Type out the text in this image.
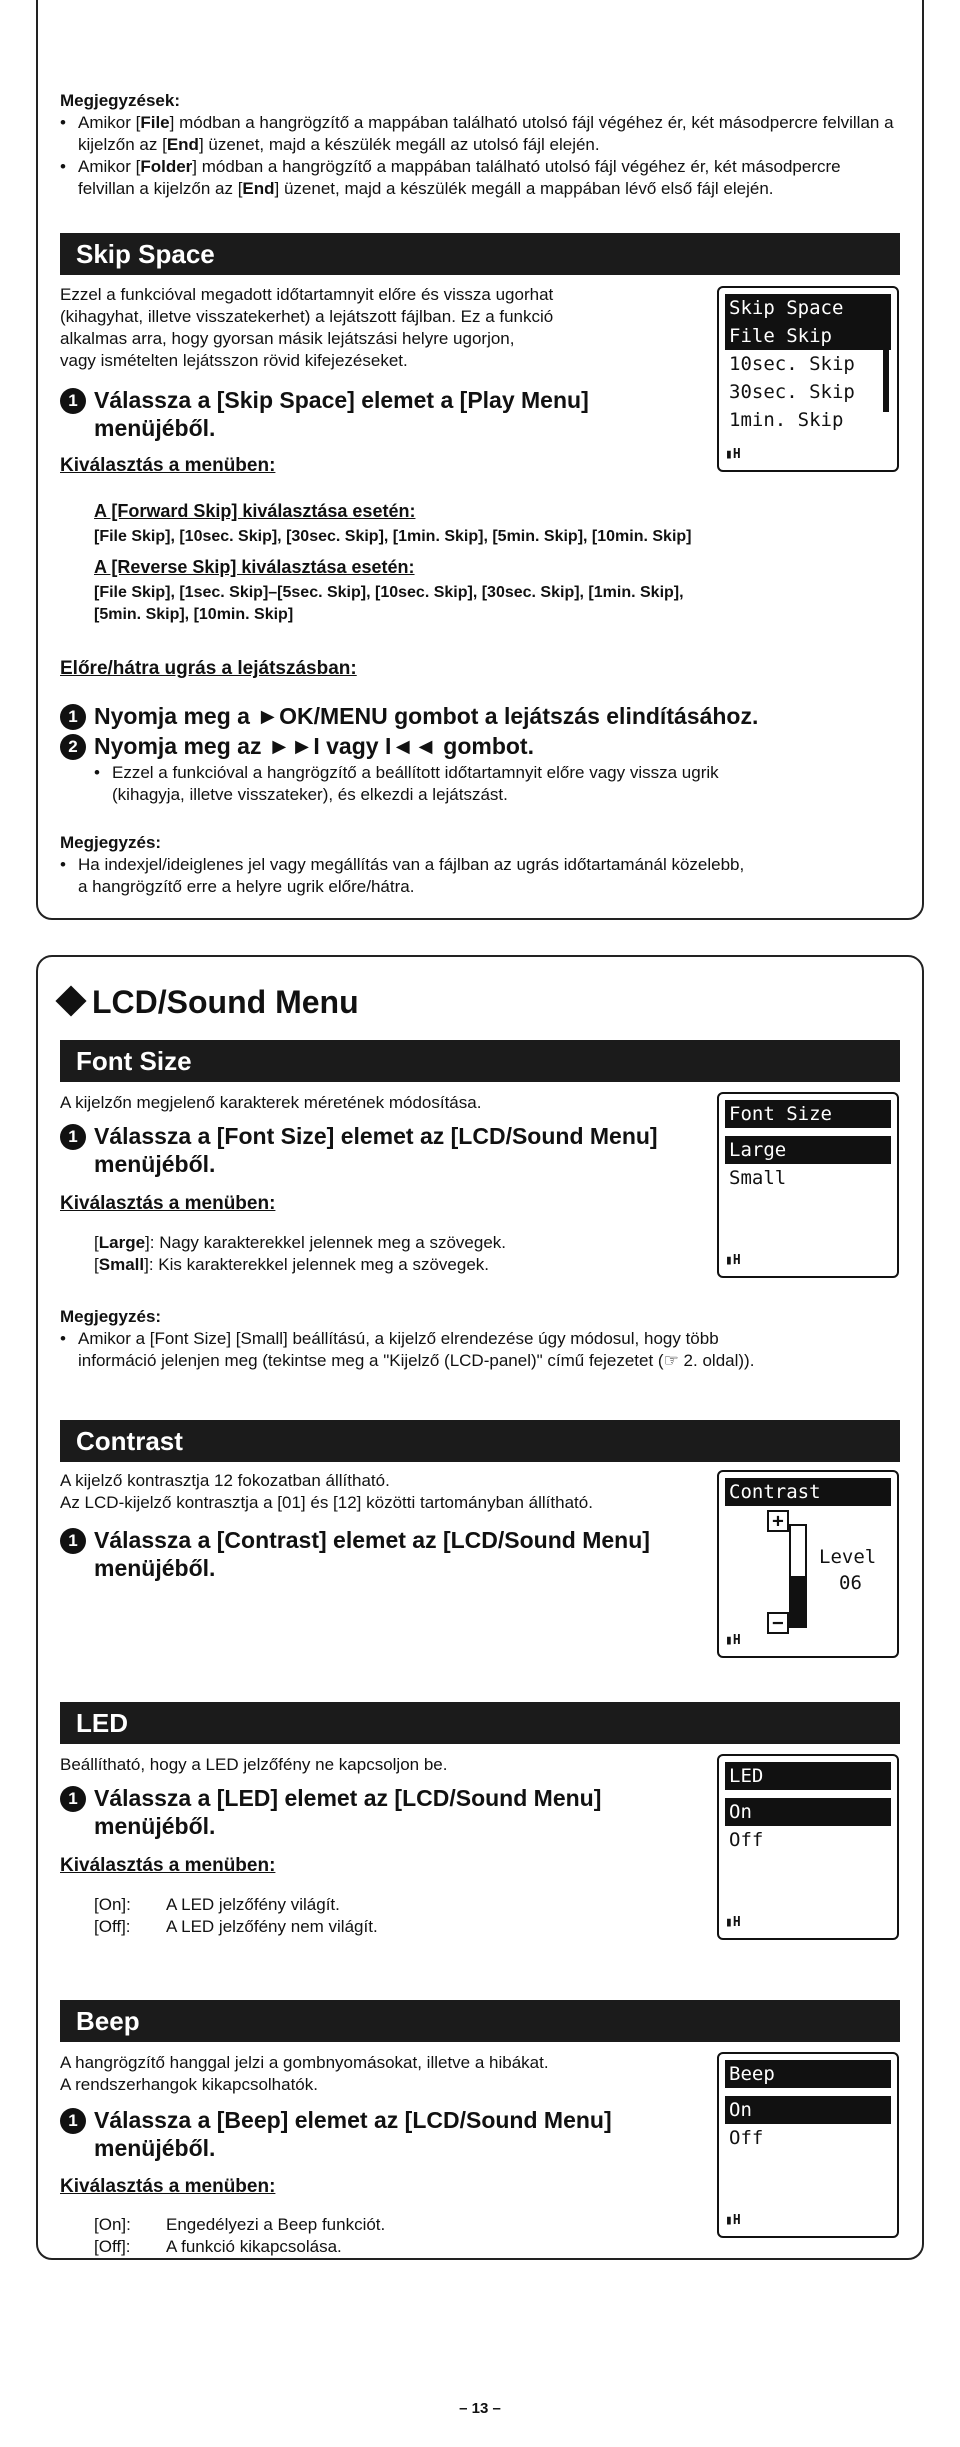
Megjegyzések:
• Amikor [File] módban a hangrögzítő a mappában található utolsó fájl végéhez ér, két másodpercre felvillan a kijelzőn az [End] üzenet, majd a készülék megáll az utolsó fájl elején.
• Amikor [Folder] módban a hangrögzítő a mappában található utolsó fájl végéhez ér, két másodpercre felvillan a kijelzőn az [End] üzenet, majd a készülék megáll a mappában lévő első fájl elején.
Skip Space
Ezzel a funkcióval megadott időtartamnyit előre és vissza ugorhat
(kihagyhat, illetve visszatekerhet) a lejátszott fájlban. Ez a funkció
alkalmas arra, hogy gyorsan másik lejátszási helyre ugorjon,
vagy ismételten lejátsszon rövid kifejezéseket.
1 Válassza a [Skip Space] elemet a [Play Menu]
menüjéből.
Kiválasztás a menüben:
A [Forward Skip] kiválasztása esetén:
[File Skip], [10sec. Skip], [30sec. Skip], [1min. Skip], [5min. Skip], [10min. Skip]
A [Reverse Skip] kiválasztása esetén:
[File Skip], [1sec. Skip]–[5sec. Skip], [10sec. Skip], [30sec. Skip], [1min. Skip],
[5min. Skip], [10min. Skip]
Előre/hátra ugrás a lejátszásban:
1 Nyomja meg a ►OK/MENU gombot a lejátszás elindításához.
2 Nyomja meg az ►►I vagy I◄◄ gombot.
• Ezzel a funkcióval a hangrögzítő a beállított időtartamnyit előre vagy vissza ugrik
(kihagyja, illetve visszateker), és elkezdi a lejátszást.
Megjegyzés:
• Ha indexjel/ideiglenes jel vagy megállítás van a fájlban az ugrás időtartamánál közelebb,
a hangrögzítő erre a helyre ugrik előre/hátra.
Skip Space
File Skip
10sec. Skip
30sec. Skip
1min. Skip
▮H
LCD/Sound Menu
Font Size
A kijelzőn megjelenő karakterek méretének módosítása.
1 Válassza a [Font Size] elemet az [LCD/Sound Menu]
menüjéből.
Kiválasztás a menüben:
[Large]: Nagy karakterekkel jelennek meg a szövegek.
[Small]: Kis karakterekkel jelennek meg a szövegek.
Megjegyzés:
• Amikor a [Font Size] [Small] beállítású, a kijelző elrendezése úgy módosul, hogy több
információ jelenjen meg (tekintse meg a "Kijelző (LCD-panel)" című fejezetet (☞ 2. oldal)).
Font Size
Large
Small
▮H
Contrast
A kijelző kontrasztja 12 fokozatban állítható.
Az LCD-kijelző kontrasztja a [01] és [12] közötti tartományban állítható.
1 Válassza a [Contrast] elemet az [LCD/Sound Menu]
menüjéből.
Contrast
+
−
Level
06
▮H
LED
Beállítható, hogy a LED jelzőfény ne kapcsoljon be.
1 Válassza a [LED] elemet az [LCD/Sound Menu]
menüjéből.
Kiválasztás a menüben:
[On]: A LED jelzőfény világít.
[Off]: A LED jelzőfény nem világít.
LED
On
Off
▮H
Beep
A hangrögzítő hanggal jelzi a gombnyomásokat, illetve a hibákat.
A rendszerhangok kikapcsolhatók.
1 Válassza a [Beep] elemet az [LCD/Sound Menu]
menüjéből.
Kiválasztás a menüben:
[On]: Engedélyezi a Beep funkciót.
[Off]: A funkció kikapcsolása.
Beep
On
Off
▮H
– 13 –
